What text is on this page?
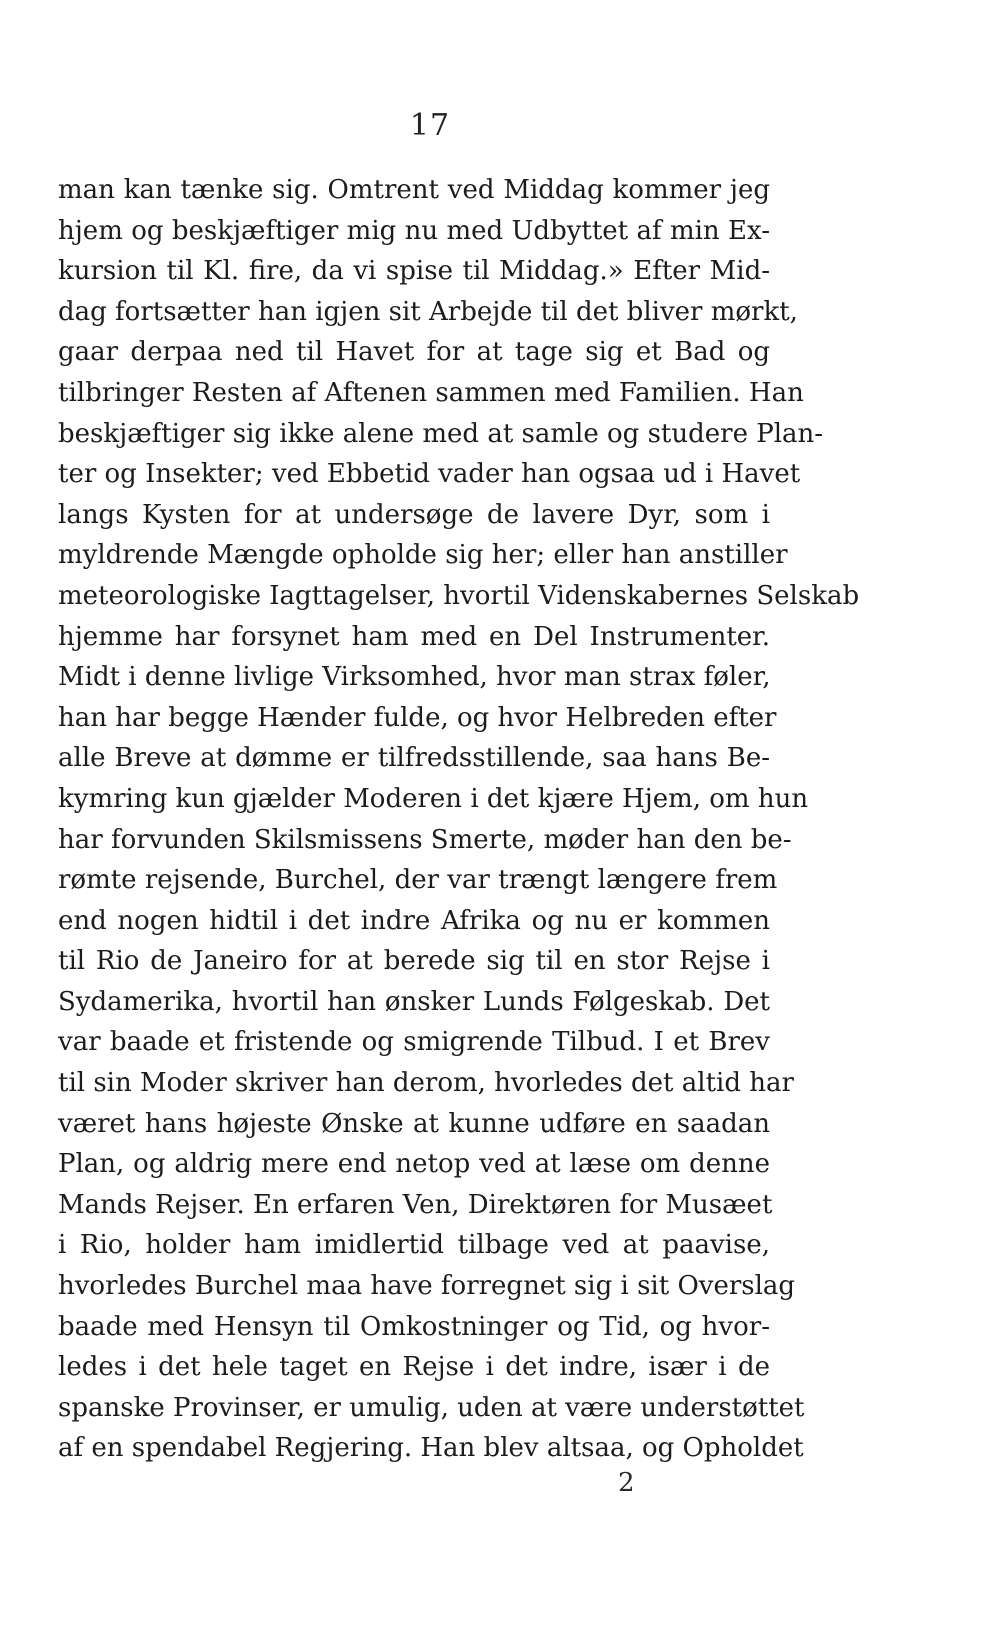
17
man kan tænke sig. Omtrent ved Middag kommer jeg
hjem og beskjæftiger mig nu med Udbyttet af min Ex-
kursion til Kl. fire, da vi spise til Middag.» Efter Mid-
dag fortsætter han igjen sit Arbejde til det bliver mørkt,
gaar derpaa ned til Havet for at tage sig et Bad og
tilbringer Resten af Aftenen sammen med Familien. Han
beskjæftiger sig ikke alene med at samle og studere Plan-
ter og Insekter; ved Ebbetid vader han ogsaa ud i Havet
langs Kysten for at undersøge de lavere Dyr, som i
myldrende Mængde opholde sig her; eller han anstiller
meteorologiske Iagttagelser, hvortil Videnskabernes Selskab
hjemme har forsynet ham med en Del Instrumenter.
Midt i denne livlige Virksomhed, hvor man strax føler,
han har begge Hænder fulde, og hvor Helbreden efter
alle Breve at dømme er tilfredsstillende, saa hans Be-
kymring kun gjælder Moderen i det kjære Hjem, om hun
har forvunden Skilsmissens Smerte, møder han den be-
rømte rejsende, Burchel, der var trængt længere frem
end nogen hidtil i det indre Afrika og nu er kommen
til Rio de Janeiro for at berede sig til en stor Rejse i
Sydamerika, hvortil han ønsker Lunds Følgeskab. Det
var baade et fristende og smigrende Tilbud. I et Brev
til sin Moder skriver han derom, hvorledes det altid har
været hans højeste Ønske at kunne udføre en saadan
Plan, og aldrig mere end netop ved at læse om denne
Mands Rejser. En erfaren Ven, Direktøren for Musæet
i Rio, holder ham imidlertid tilbage ved at paavise,
hvorledes Burchel maa have forregnet sig i sit Overslag
baade med Hensyn til Omkostninger og Tid, og hvor-
ledes i det hele taget en Rejse i det indre, især i de
spanske Provinser, er umulig, uden at være understøttet
af en spendabel Regjering. Han blev altsaa, og Opholdet
2
